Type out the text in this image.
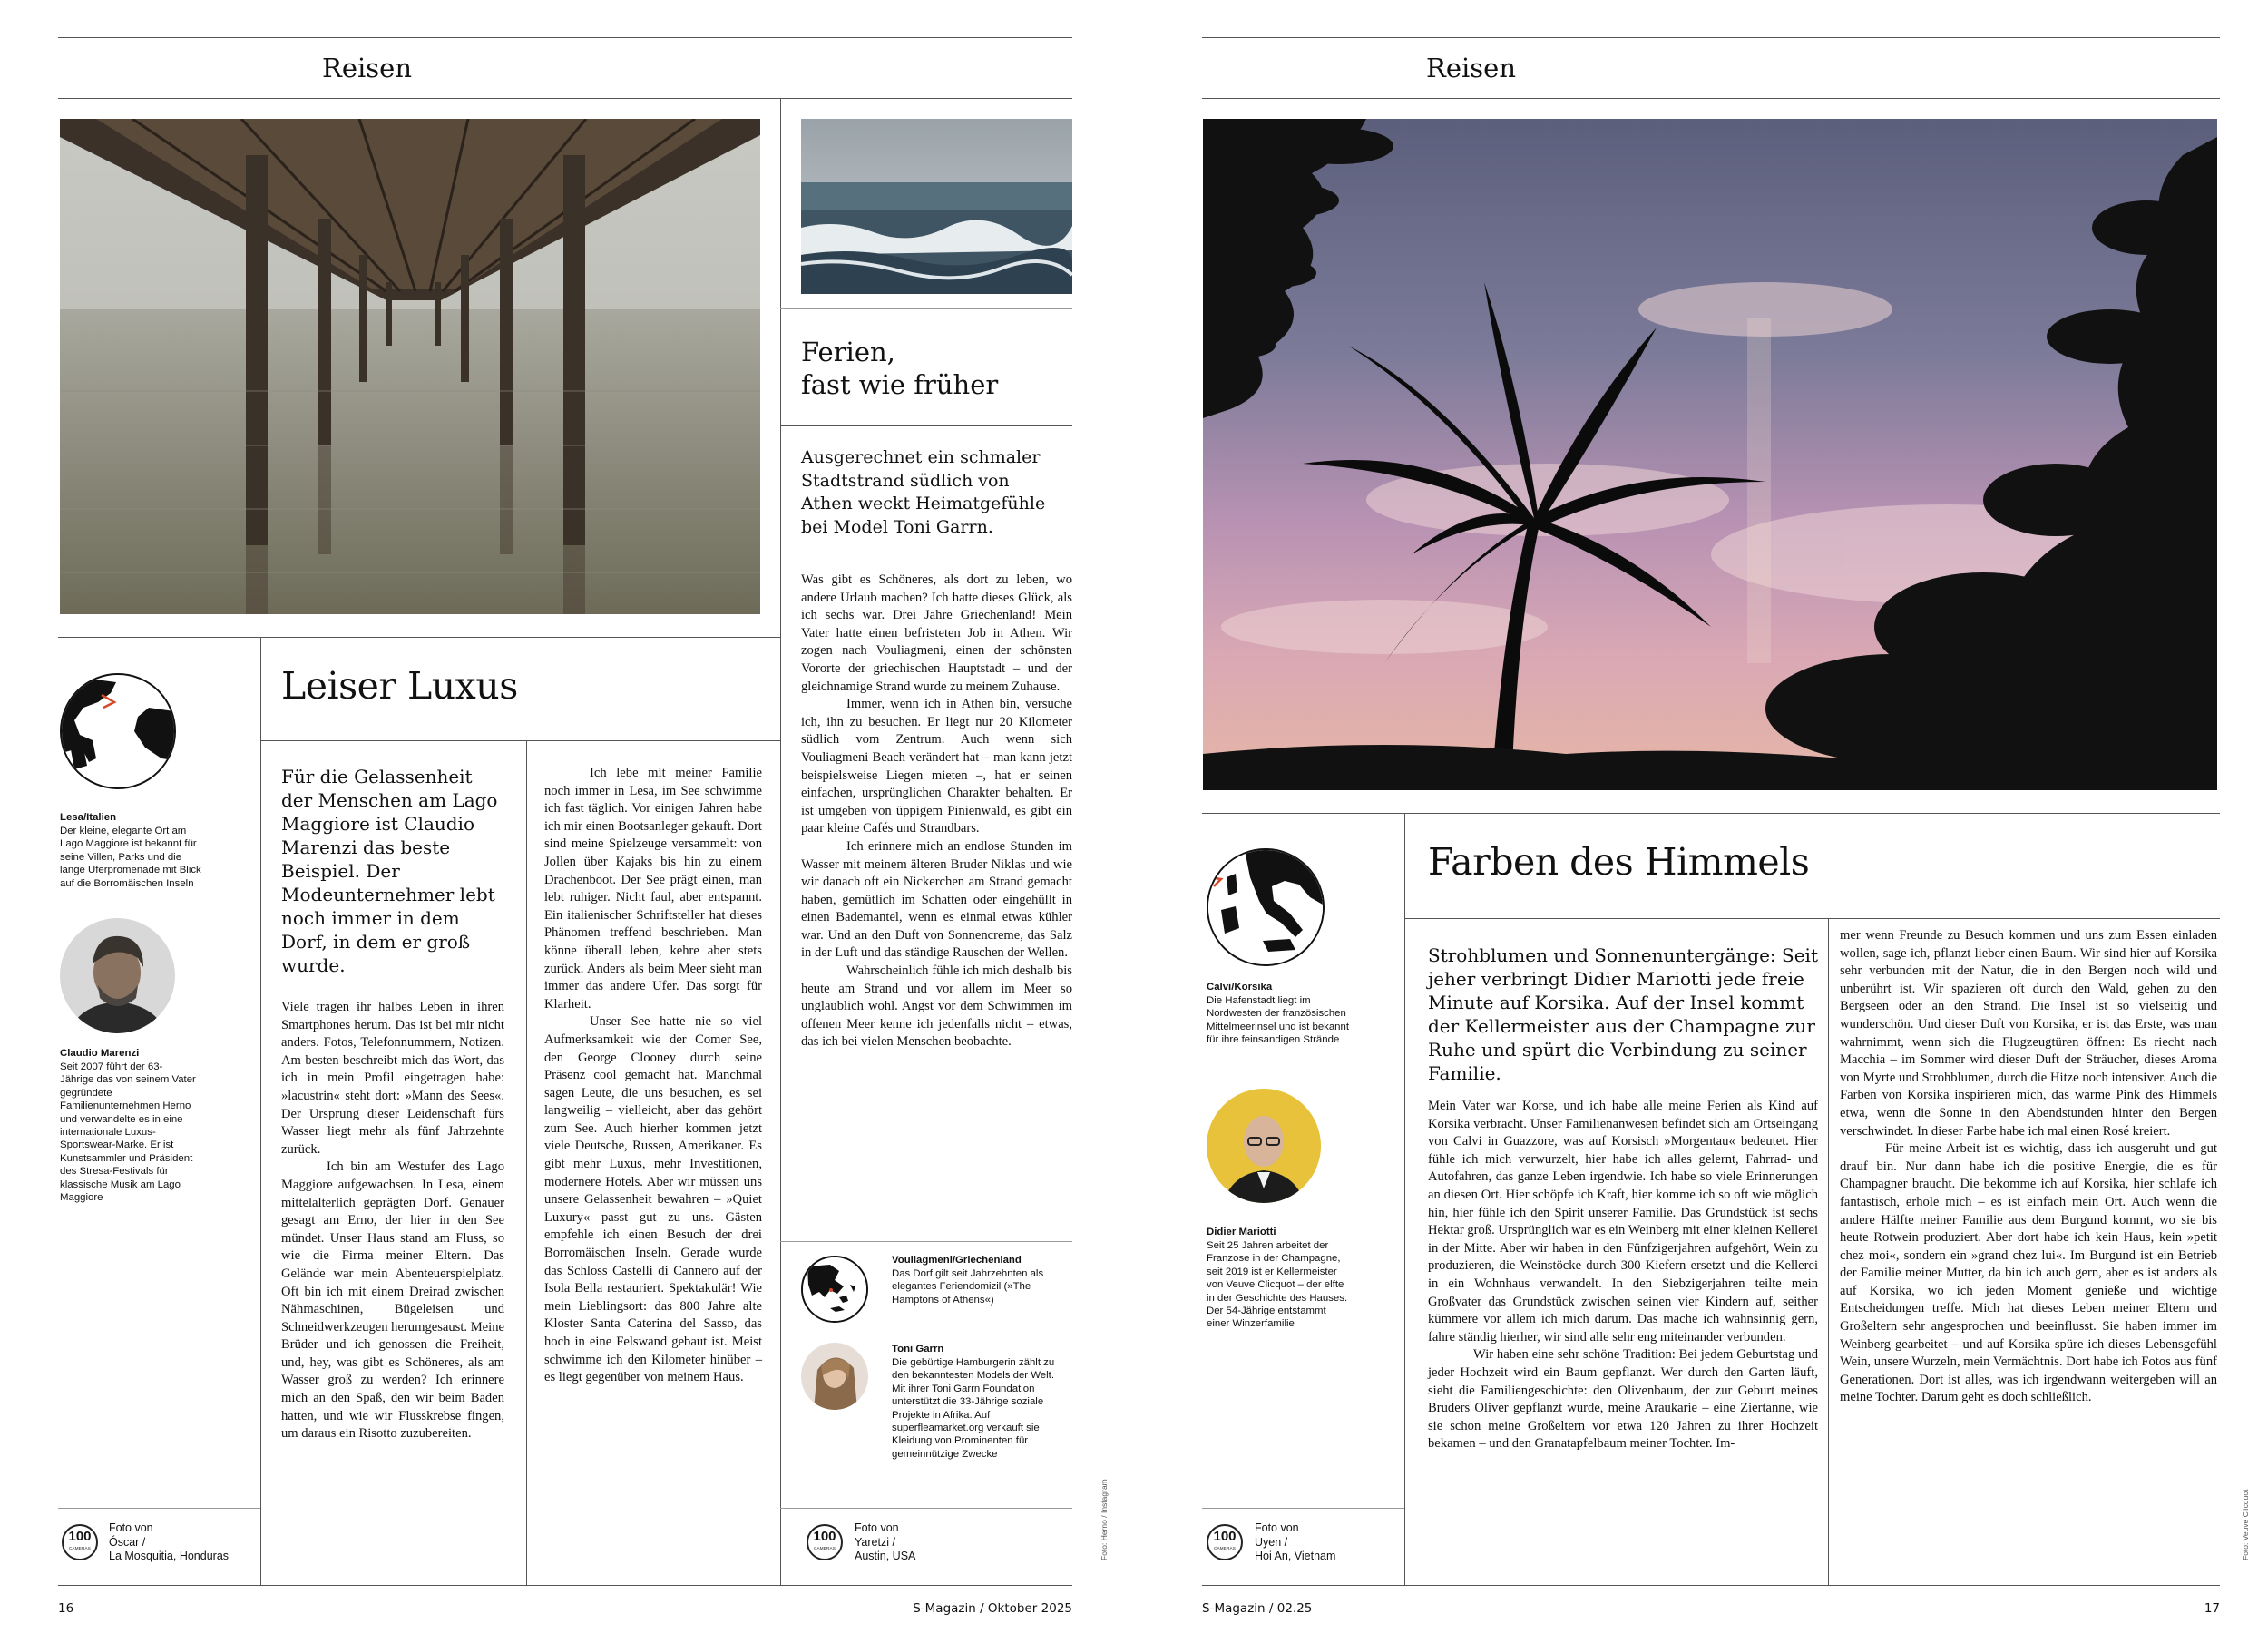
Reisen
Ferien,
fast wie früher
Ausgerechnet ein schmaler Stadtstrand südlich von Athen weckt Heimatgefühle bei Model Toni Garrn.

Was gibt es Schöneres, als dort zu leben, wo andere Urlaub machen? Ich hatte dieses Glück, als ich sechs war. Drei Jahre Griechenland! Mein Vater hatte einen befristeten Job in Athen. Wir zogen nach Vouliagmeni, einen der schönsten Vororte der griechischen Hauptstadt – und der gleichnamige Strand wurde zu meinem Zuhause.

Immer, wenn ich in Athen bin, versuche ich, ihn zu besuchen. Er liegt nur 20 Kilometer südlich vom Zentrum. Auch wenn sich Vouliagmeni Beach verändert hat – man kann jetzt beispielsweise Liegen mieten –, hat er seinen einfachen, ursprünglichen Charakter behalten. Er ist umgeben von üppigem Pinienwald, es gibt ein paar kleine Cafés und Strandbars.

Ich erinnere mich an endlose Stunden im Wasser mit meinem älteren Bruder Niklas und wie wir danach oft ein Nickerchen am Strand gemacht haben, gemütlich im Schatten oder eingehüllt in einen Bademantel, wenn es einmal etwas kühler war. Und an den Duft von Sonnencreme, das Salz in der Luft und das ständige Rauschen der Wellen.

Wahrscheinlich fühle ich mich deshalb bis heute am Strand und vor allem im Meer so unglaublich wohl. Angst vor dem Schwimmen im offenen Meer kenne ich jedenfalls nicht – etwas, das ich bei vielen Menschen beobachte.

Vouliagmeni/Griechenland
Das Dorf gilt seit Jahrzehnten als elegantes Feriendomizil (»The Hamptons of Athens«)
Toni Garrn
Die gebürtige Hamburgerin zählt zu den bekanntesten Models der Welt. Mit ihrer Toni Garrn Foundation unterstützt die 33-Jährige soziale Projekte in Afrika. Auf superfleamarket.org verkauft sie Kleidung von Prominenten für gemeinnützige Zwecke
100
CAMERAS
Foto von
Yaretzi /
Austin, USA	Foto: Herno / Instagram
Leiser Luxus
Lesa/Italien
Der kleine, elegante Ort am Lago Maggiore ist bekannt für seine Villen, Parks und die lange Uferpromenade mit Blick auf die Borromäischen Inseln
Claudio Marenzi
Seit 2007 führt der 63-Jährige das von seinem Vater gegründete Familienunternehmen Herno und verwandelte es in eine internationale Luxus-Sportswear-Marke. Er ist Kunstsammler und Präsident des Stresa-Festivals für klassische Musik am Lago Maggiore
100
CAMERAS
Foto von
Óscar /
La Mosquitia, Honduras
Für die Gelassenheit der Menschen am Lago Maggiore ist Claudio Marenzi das beste Beispiel. Der Modeunternehmer lebt noch immer in dem Dorf, in dem er groß wurde.

Viele tragen ihr halbes Leben in ihren Smartphones herum. Das ist bei mir nicht anders. Fotos, Telefonnummern, Notizen. Am besten beschreibt mich das Wort, das ich in mein Profil eingetragen habe: »lacustrin« steht dort: »Mann des Sees«. Der Ursprung dieser Leidenschaft fürs Wasser liegt mehr als fünf Jahrzehnte zurück.

Ich bin am Westufer des Lago Maggiore aufgewachsen. In Lesa, einem mittelalterlich geprägten Dorf. Genauer gesagt am Erno, der hier in den See mündet. Unser Haus stand am Fluss, so wie die Firma meiner Eltern. Das Gelände war mein Abenteuerspielplatz. Oft bin ich mit einem Dreirad zwischen Nähmaschinen, Bügeleisen und Schneidwerkzeugen herumgesaust. Meine Brüder und ich genossen die Freiheit, und, hey, was gibt es Schöneres, als am Wasser groß zu werden? Ich erinnere mich an den Spaß, den wir beim Baden hatten, und wie wir Flusskrebse fingen, um daraus ein Risotto zuzubereiten.

Ich lebe mit meiner Familie noch immer in Lesa, im See schwimme ich fast täglich. Vor einigen Jahren habe ich mir einen Bootsanleger gekauft. Dort sind meine Spielzeuge versammelt: von Jollen über Kajaks bis hin zu einem Drachenboot. Der See prägt einen, man lebt ruhiger. Nicht faul, aber entspannt. Ein italienischer Schriftsteller hat dieses Phänomen treffend beschrieben. Man könne überall leben, kehre aber stets zurück. Anders als beim Meer sieht man immer das andere Ufer. Das sorgt für Klarheit.

Unser See hatte nie so viel Aufmerksamkeit wie der Comer See, den George Clooney durch seine Präsenz cool gemacht hat. Manchmal sagen Leute, die uns besuchen, es sei langweilig – vielleicht, aber das gehört zum See. Auch hierher kommen jetzt viele Deutsche, Russen, Amerikaner. Es gibt mehr Luxus, mehr Investitionen, modernere Hotels. Aber wir müssen uns unsere Gelassenheit bewahren – »Quiet Luxury« passt gut zu uns. Gästen empfehle ich einen Besuch der drei Borromäischen Inseln. Gerade wurde das Schloss Castelli di Cannero auf der Isola Bella restauriert. Spektakulär! Wie mein Lieblingsort: das 800 Jahre alte Kloster Santa Caterina del Sasso, das hoch in eine Felswand gebaut ist. Meist schwimme ich den Kilometer hinüber – es liegt gegenüber von meinem Haus.

16	S-Magazin / Oktober 2025
Reisen
Farben des Himmels
Calvi/Korsika
Die Hafenstadt liegt im Nordwesten der französischen Mittelmeerinsel und ist bekannt für ihre feinsandigen Strände
Didier Mariotti
Seit 25 Jahren arbeitet der Franzose in der Champagne, seit 2019 ist er Kellermeister von Veuve Clicquot – der elfte in der Geschichte des Hauses. Der 54-Jährige entstammt einer Winzerfamilie
100
CAMERAS
Foto von
Uyen /
Hoi An, Vietnam
Strohblumen und Sonnenuntergänge: Seit jeher verbringt Didier Mariotti jede freie Minute auf Korsika. Auf der Insel kommt der Kellermeister aus der Champagne zur Ruhe und spürt die Verbindung zu seiner Familie.

Mein Vater war Korse, und ich habe alle meine Ferien als Kind auf Korsika verbracht. Unser Familienanwesen befindet sich am Ortseingang von Calvi in Guazzore, was auf Korsisch »Morgentau« bedeutet. Hier fühle ich mich verwurzelt, hier habe ich alles gelernt, Fahrrad- und Autofahren, das ganze Leben irgendwie. Ich habe so viele Erinnerungen an diesen Ort. Hier schöpfe ich Kraft, hier komme ich so oft wie möglich hin, hier fühle ich den Spirit unserer Familie. Das Grundstück ist sechs Hektar groß. Ursprünglich war es ein Weinberg mit einer kleinen Kellerei in der Mitte. Aber wir haben in den Fünfzigerjahren aufgehört, Wein zu produzieren, die Weinstöcke durch 300 Kiefern ersetzt und die Kellerei in ein Wohnhaus verwandelt. In den Siebzigerjahren teilte mein Großvater das Grundstück zwischen seinen vier Kindern auf, seither kümmere vor allem ich mich darum. Das mache ich wahnsinnig gern, fahre ständig hierher, wir sind alle sehr eng miteinander verbunden.

Wir haben eine sehr schöne Tradition: Bei jedem Geburtstag und jeder Hochzeit wird ein Baum gepflanzt. Wer durch den Garten läuft, sieht die Familiengeschichte: den Olivenbaum, der zur Geburt meines Bruders Oliver gepflanzt wurde, meine Araukarie – eine Ziertanne, wie sie schon meine Großeltern vor etwa 120 Jahren zu ihrer Hochzeit bekamen – und den Granatapfelbaum meiner Tochter. Im-

mer wenn Freunde zu Besuch kommen und uns zum Essen einladen wollen, sage ich, pflanzt lieber einen Baum. Wir sind hier auf Korsika sehr verbunden mit der Natur, die in den Bergen noch wild und unberührt ist. Wir spazieren oft durch den Wald, gehen zu den Bergseen oder an den Strand. Die Insel ist so vielseitig und wunderschön. Und dieser Duft von Korsika, er ist das Erste, was man wahrnimmt, wenn sich die Flugzeugtüren öffnen: Es riecht nach Macchia – im Sommer wird dieser Duft der Sträucher, dieses Aroma von Myrte und Strohblumen, durch die Hitze noch intensiver. Auch die Farben von Korsika inspirieren mich, das warme Pink des Himmels etwa, wenn die Sonne in den Abendstunden hinter den Bergen verschwindet. In dieser Farbe habe ich mal einen Rosé kreiert.

Für meine Arbeit ist es wichtig, dass ich ausgeruht und gut drauf bin. Nur dann habe ich die positive Energie, die es für Champagner braucht. Die bekomme ich auf Korsika, hier schlafe ich fantastisch, erhole mich – es ist einfach mein Ort. Auch wenn die andere Hälfte meiner Familie aus dem Burgund kommt, wo sie bis heute Rotwein produziert. Aber dort habe ich kein Haus, kein »petit chez moi«, sondern ein »grand chez lui«. Im Burgund ist ein Betrieb der Familie meiner Mutter, da bin ich auch gern, aber es ist anders als auf Korsika, wo ich jeden Moment genieße und wichtige Entscheidungen treffe. Mich hat dieses Leben meiner Eltern und Großeltern sehr angesprochen und beeinflusst. Sie haben immer im Weinberg gearbeitet – und auf Korsika spüre ich dieses Lebensgefühl Wein, unsere Wurzeln, mein Vermächtnis. Dort habe ich Fotos aus fünf Generationen. Dort ist alles, was ich irgendwann weitergeben will an meine Tochter. Darum geht es doch schließlich.

Foto: Veuve Clicquot
S-Magazin / 02.25	17
